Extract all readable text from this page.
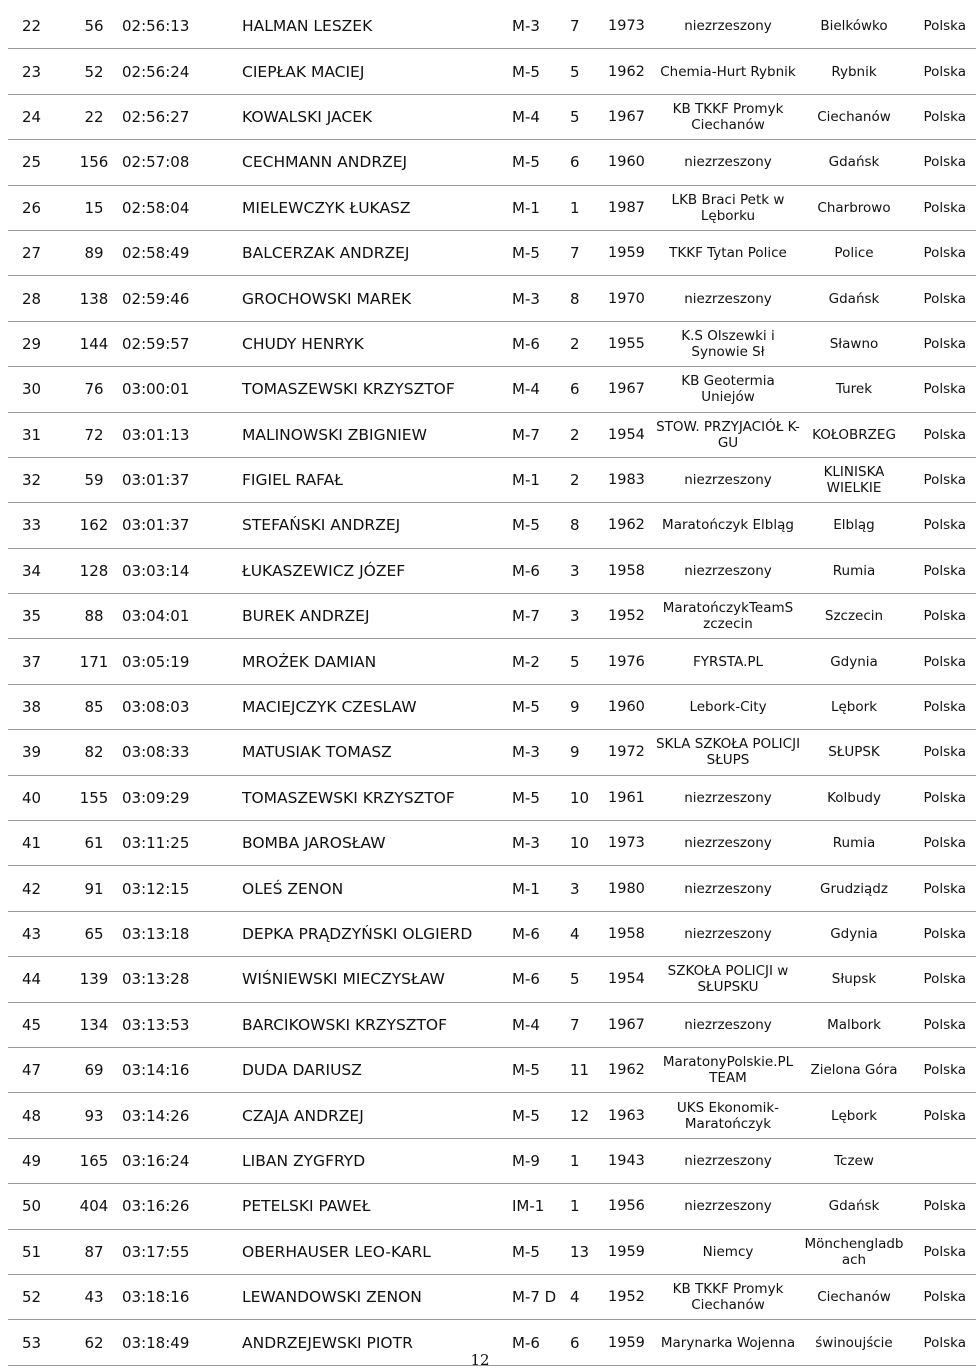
22	56	02:56:13	HALMAN LESZEK	M-3	7	1973	niezrzeszony	Bielkówko	Polska
23	52	02:56:24	CIEPŁAK MACIEJ	M-5	5	1962	Chemia-Hurt Rybnik	Rybnik	Polska
24	22	02:56:27	KOWALSKI JACEK	M-4	5	1967	KB TKKF Promyk Ciechanów	Ciechanów	Polska
25	156	02:57:08	CECHMANN ANDRZEJ	M-5	6	1960	niezrzeszony	Gdańsk	Polska
26	15	02:58:04	MIELEWCZYK ŁUKASZ	M-1	1	1987	LKB Braci Petk w Lęborku	Charbrowo	Polska
27	89	02:58:49	BALCERZAK ANDRZEJ	M-5	7	1959	TKKF Tytan Police	Police	Polska
28	138	02:59:46	GROCHOWSKI MAREK	M-3	8	1970	niezrzeszony	Gdańsk	Polska
29	144	02:59:57	CHUDY HENRYK	M-6	2	1955	K.S Olszewki i Synowie Sł	Sławno	Polska
30	76	03:00:01	TOMASZEWSKI KRZYSZTOF	M-4	6	1967	KB Geotermia Uniejów	Turek	Polska
31	72	03:01:13	MALINOWSKI ZBIGNIEW	M-7	2	1954	STOW. PRZYJACIÓŁ K-GU	KOŁOBRZEG	Polska
32	59	03:01:37	FIGIEL RAFAŁ	M-1	2	1983	niezrzeszony	KLINISKA WIELKIE	Polska
33	162	03:01:37	STEFAŃSKI ANDRZEJ	M-5	8	1962	Maratończyk Elbląg	Elbląg	Polska
34	128	03:03:14	ŁUKASZEWICZ JÓZEF	M-6	3	1958	niezrzeszony	Rumia	Polska
35	88	03:04:01	BUREK ANDRZEJ	M-7	3	1952	MaratończykTeamS zczecin	Szczecin	Polska
37	171	03:05:19	MROŻEK DAMIAN	M-2	5	1976	FYRSTA.PL	Gdynia	Polska
38	85	03:08:03	MACIEJCZYK CZESLAW	M-5	9	1960	Lebork-City	Lębork	Polska
39	82	03:08:33	MATUSIAK TOMASZ	M-3	9	1972	SKLA SZKOŁA POLICJI SŁUPS	SŁUPSK	Polska
40	155	03:09:29	TOMASZEWSKI KRZYSZTOF	M-5	10	1961	niezrzeszony	Kolbudy	Polska
41	61	03:11:25	BOMBA JAROSŁAW	M-3	10	1973	niezrzeszony	Rumia	Polska
42	91	03:12:15	OLEŚ ZENON	M-1	3	1980	niezrzeszony	Grudziądz	Polska
43	65	03:13:18	DEPKA PRĄDZYŃSKI OLGIERD	M-6	4	1958	niezrzeszony	Gdynia	Polska
44	139	03:13:28	WIŚNIEWSKI MIECZYSŁAW	M-6	5	1954	SZKOŁA POLICJI w SŁUPSKU	Słupsk	Polska
45	134	03:13:53	BARCIKOWSKI KRZYSZTOF	M-4	7	1967	niezrzeszony	Malbork	Polska
47	69	03:14:16	DUDA DARIUSZ	M-5	11	1962	MaratonyPolskie.PL TEAM	Zielona Góra	Polska
48	93	03:14:26	CZAJA ANDRZEJ	M-5	12	1963	UKS Ekonomik-Maratończyk	Lębork	Polska
49	165	03:16:24	LIBAN ZYGFRYD	M-9	1	1943	niezrzeszony	Tczew	
50	404	03:16:26	PETELSKI PAWEŁ	IM-1	1	1956	niezrzeszony	Gdańsk	Polska
51	87	03:17:55	OBERHAUSER LEO-KARL	M-5	13	1959	Niemcy	Mönchengladb ach	Polska
52	43	03:18:16	LEWANDOWSKI ZENON	M-7 D	4	1952	KB TKKF Promyk Ciechanów	Ciechanów	Polska
53	62	03:18:49	ANDRZEJEWSKI PIOTR	M-6	6	1959	Marynarka Wojenna	świnoujście	Polska
12
